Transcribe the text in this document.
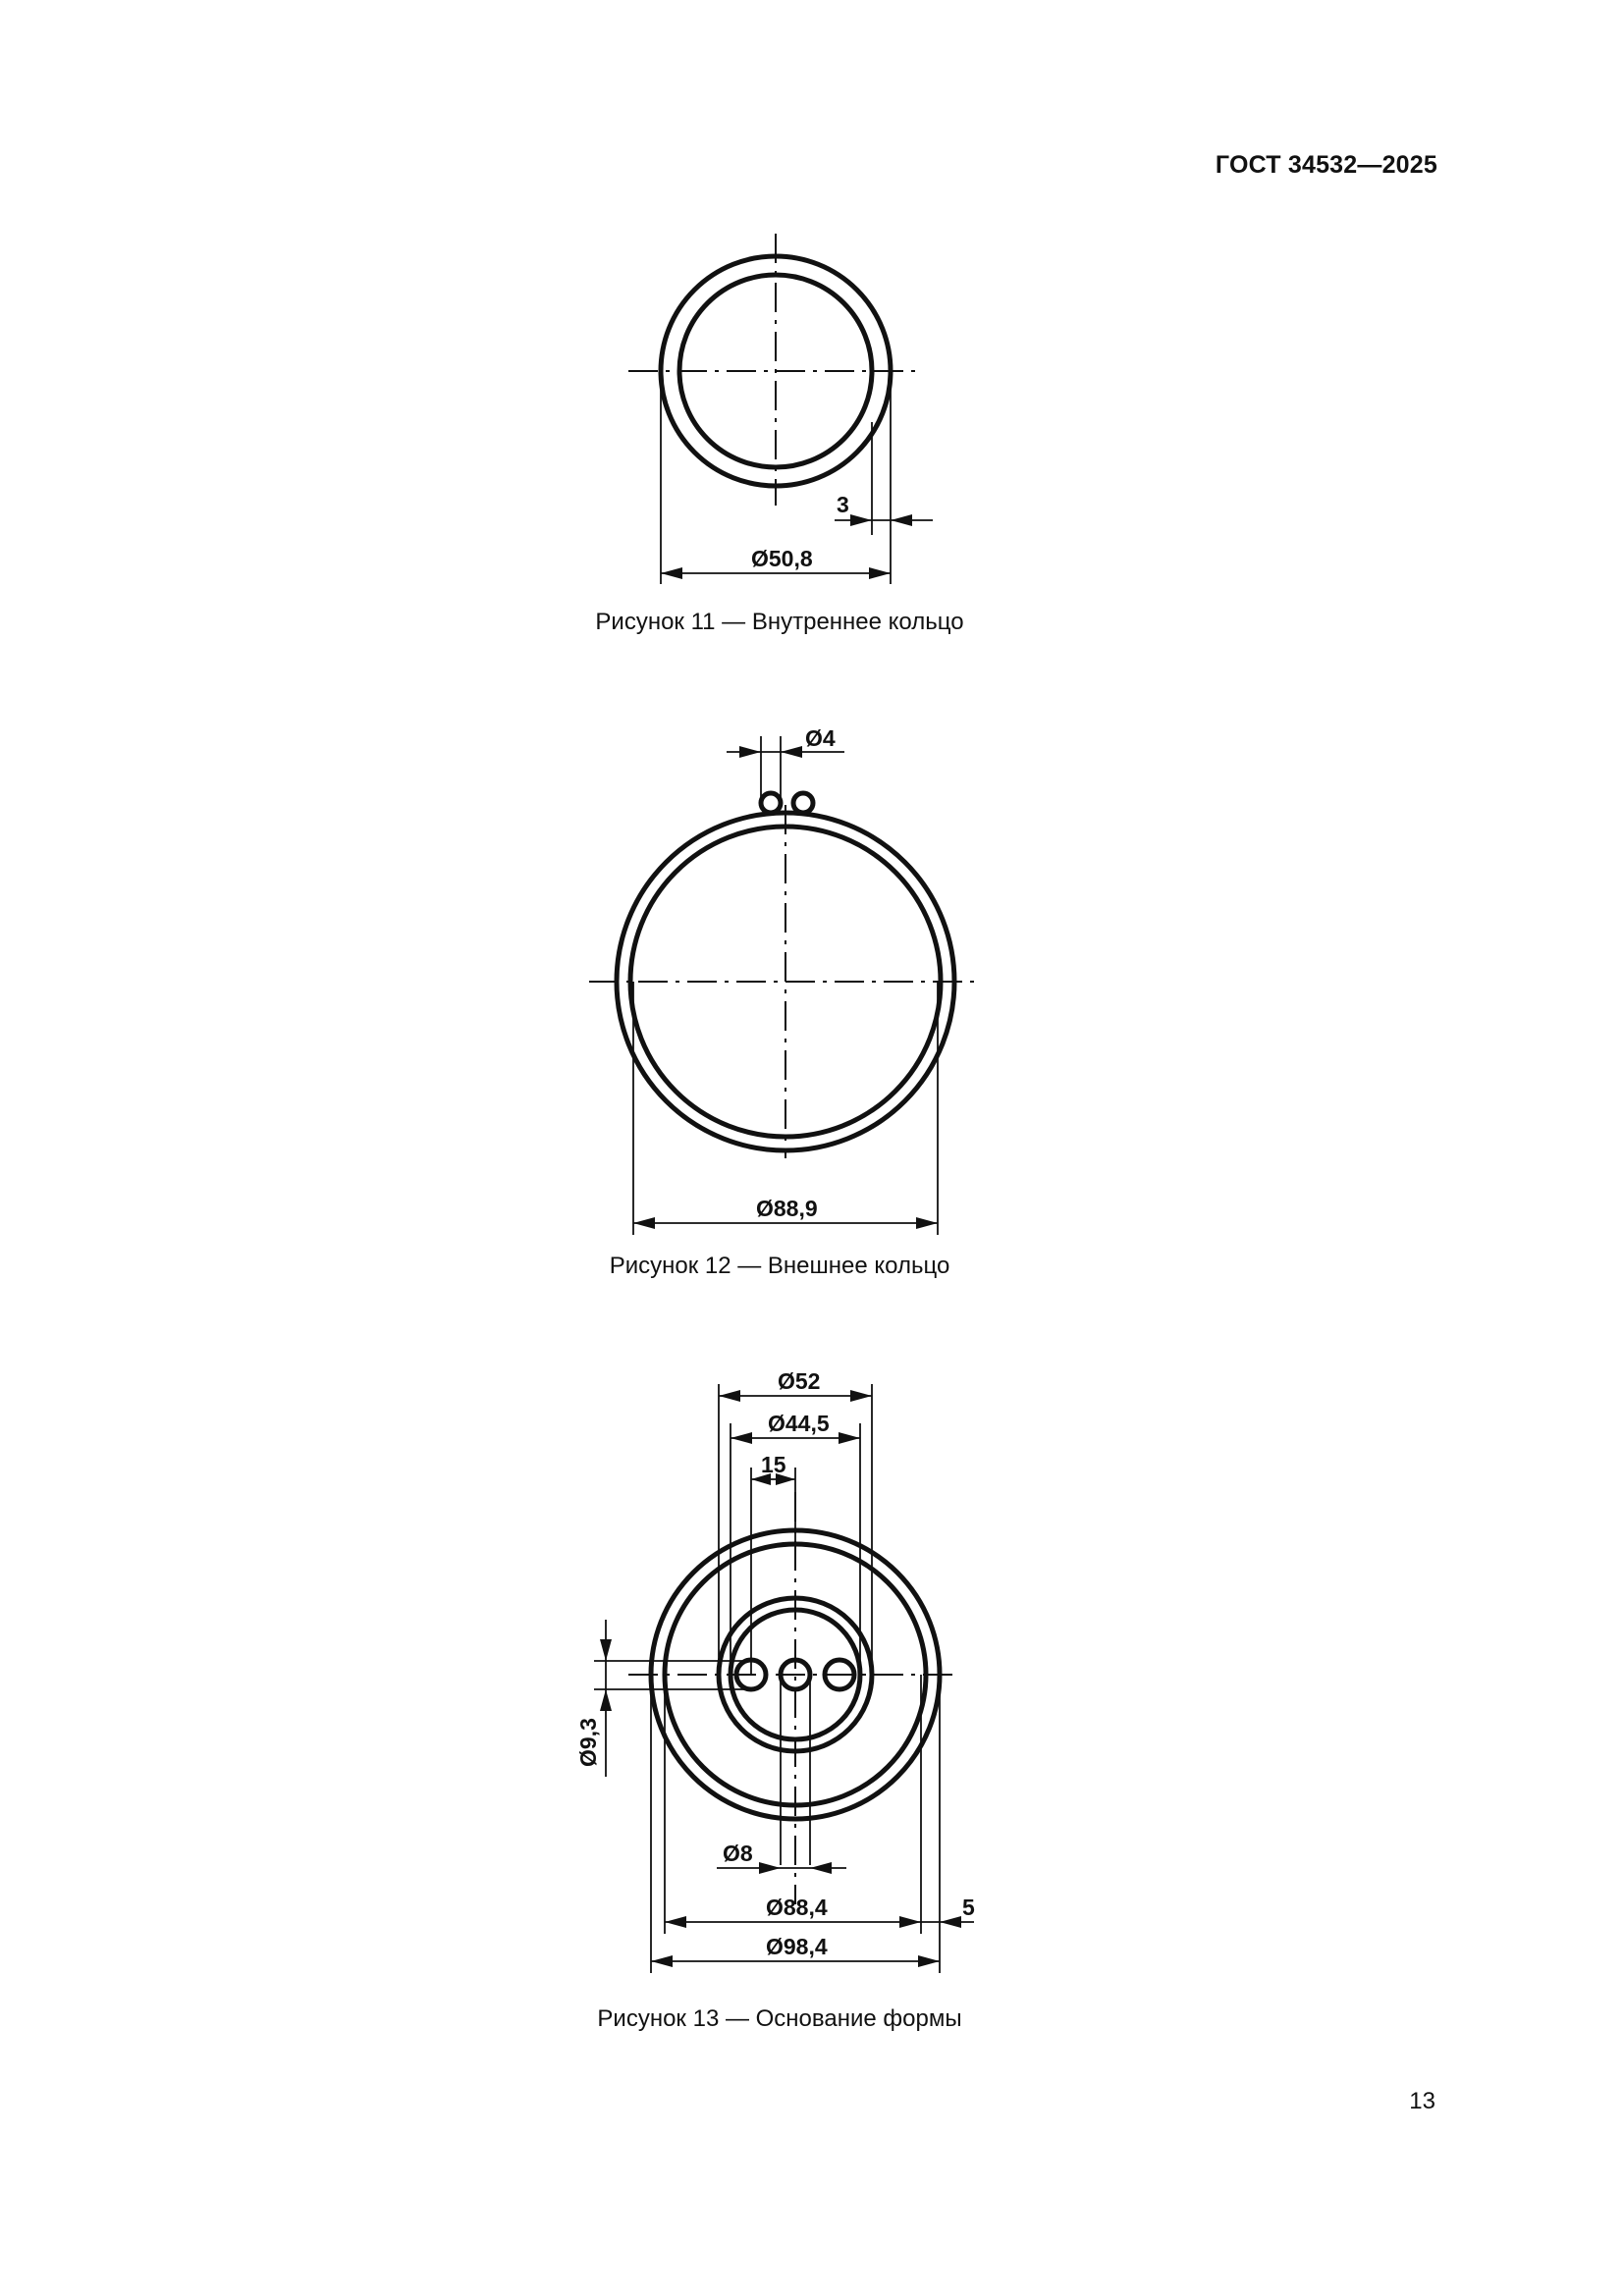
ГОСТ 34532—2025
3
Ø50,8
Рисунок 11 — Внутреннее кольцо
Ø4
Ø88,9
Рисунок 12 — Внешнее кольцо
Ø52
Ø44,5
15
Ø9,3
Ø8
Ø88,4	5
Ø98,4
Рисунок 13 — Основание формы
13
